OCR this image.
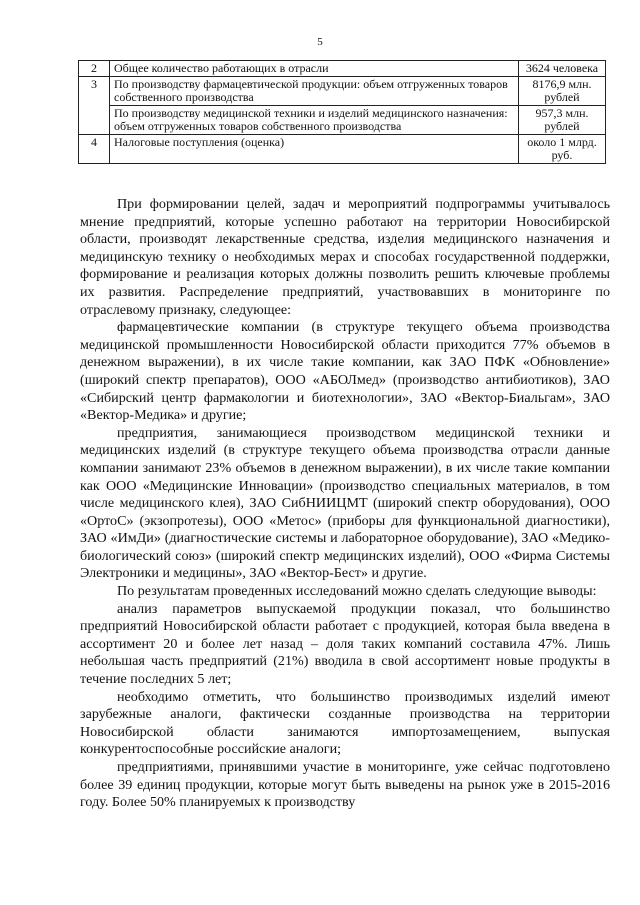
5
2	Общее количество работающих в отрасли	3624 человека
3	По производству фармацевтической продукции: объем отгруженных товаров собственного производства	8176,9 млн. рублей
	По производству медицинской техники и изделий медицинского назначения: объем отгруженных товаров собственного производства	957,3 млн. рублей
4	Налоговые поступления (оценка)	около 1 млрд. руб.

При формировании целей, задач и мероприятий подпрограммы учитывалось мнение предприятий, которые успешно работают на территории Новосибирской области, производят лекарственные средства, изделия медицинского назначения и медицинскую технику о необходимых мерах и способах государственной поддержки, формирование и реализация которых должны позволить решить ключевые проблемы их развития. Распределение предприятий, участвовавших в мониторинге по отраслевому признаку, следующее:

фармацевтические компании (в структуре текущего объема производства медицинской промышленности Новосибирской области приходится 77% объемов в денежном выражении), в их числе такие компании, как ЗАО ПФК «Обновление» (широкий спектр препаратов), ООО «АБОЛмед» (производство антибиотиков), ЗАО «Сибирский центр фармакологии и биотехнологии», ЗАО «Вектор-Биальгам», ЗАО «Вектор-Медика» и другие;

предприятия, занимающиеся производством медицинской техники и медицинских изделий (в структуре текущего объема производства отрасли данные компании занимают 23% объемов в денежном выражении), в их числе такие компании как ООО «Медицинские Инновации» (производство специальных материалов, в том числе медицинского клея), ЗАО СибНИИЦМТ (широкий спектр оборудования), ООО «ОртоС» (экзопротезы), ООО «Метос» (приборы для функциональной диагностики), ЗАО «ИмДи» (диагностические системы и лабораторное оборудование), ЗАО «Медико-биологический союз» (широкий спектр медицинских изделий), ООО «Фирма Системы Электроники и медицины», ЗАО «Вектор-Бест» и другие.

По результатам проведенных исследований можно сделать следующие выводы:

анализ параметров выпускаемой продукции показал, что большинство предприятий Новосибирской области работает с продукцией, которая была введена в ассортимент 20 и более лет назад – доля таких компаний составила 47%. Лишь небольшая часть предприятий (21%) вводила в свой ассортимент новые продукты в течение последних 5 лет;

необходимо отметить, что большинство производимых изделий имеют зарубежные аналоги, фактически созданные производства на территории Новосибирской области занимаются импортозамещением, выпуская конкурентоспособные российские аналоги;

предприятиями, принявшими участие в мониторинге, уже сейчас подготовлено более 39 единиц продукции, которые могут быть выведены на рынок уже в 2015-2016 году. Более 50% планируемых к производству
